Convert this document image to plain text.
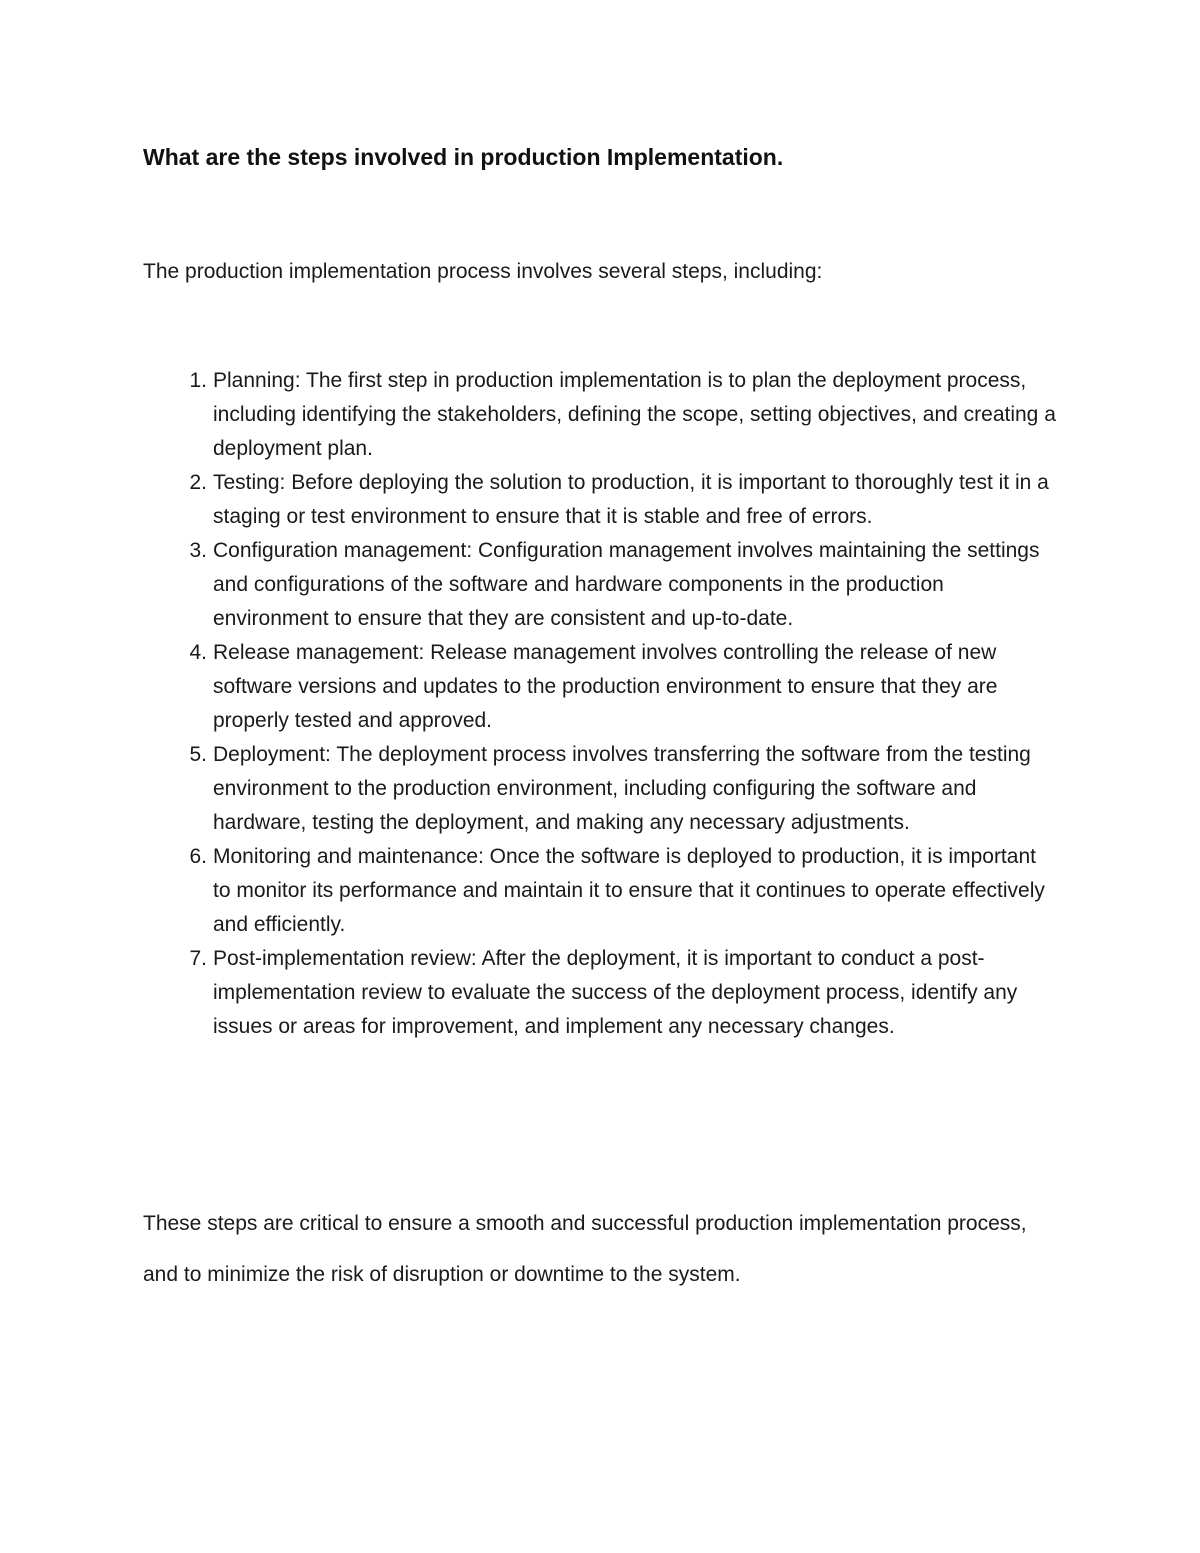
What are the steps involved in production Implementation.

The production implementation process involves several steps, including:

1. Planning: The first step in production implementation is to plan the deployment process, including identifying the stakeholders, defining the scope, setting objectives, and creating a deployment plan.
2. Testing: Before deploying the solution to production, it is important to thoroughly test it in a staging or test environment to ensure that it is stable and free of errors.
3. Configuration management: Configuration management involves maintaining the settings and configurations of the software and hardware components in the production environment to ensure that they are consistent and up-to-date.
4. Release management: Release management involves controlling the release of new software versions and updates to the production environment to ensure that they are properly tested and approved.
5. Deployment: The deployment process involves transferring the software from the testing environment to the production environment, including configuring the software and hardware, testing the deployment, and making any necessary adjustments.
6. Monitoring and maintenance: Once the software is deployed to production, it is important to monitor its performance and maintain it to ensure that it continues to operate effectively and efficiently.
7. Post-implementation review: After the deployment, it is important to conduct a post-implementation review to evaluate the success of the deployment process, identify any issues or areas for improvement, and implement any necessary changes.

These steps are critical to ensure a smooth and successful production implementation process, and to minimize the risk of disruption or downtime to the system.
